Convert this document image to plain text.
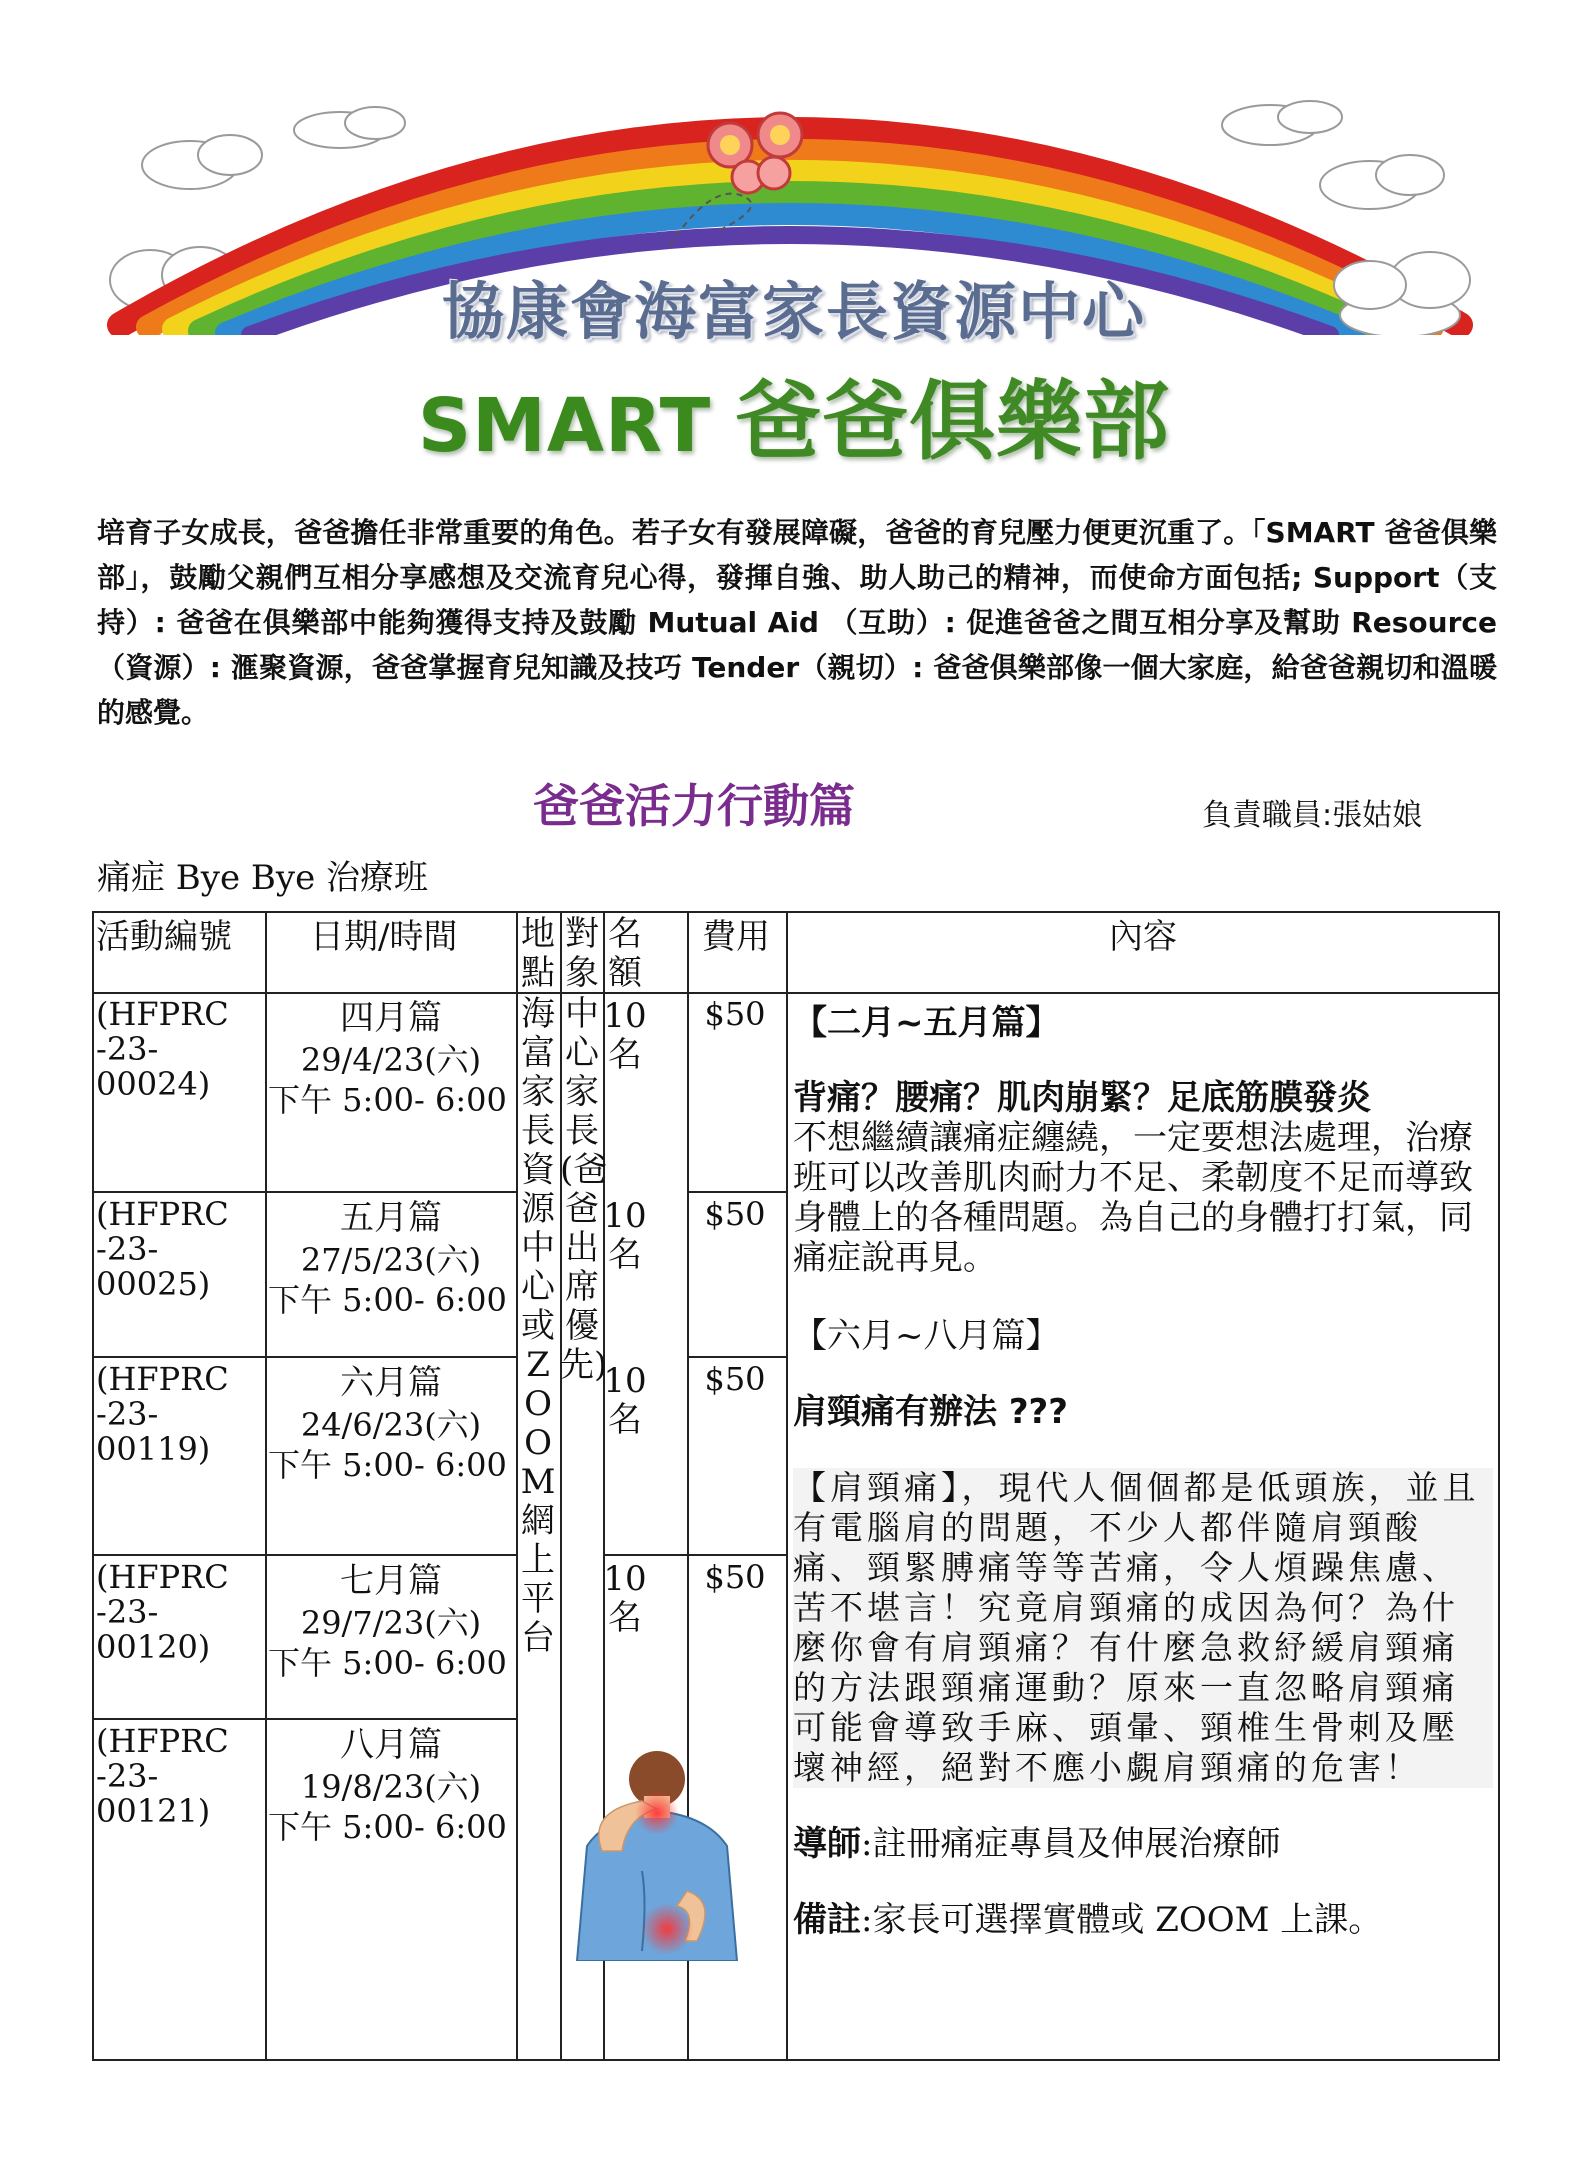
協康會海富家長資源中心
SMART 爸爸俱樂部
培育子女成長，爸爸擔任非常重要的角色。若子女有發展障礙，爸爸的育兒壓力便更沉重了。「SMART 爸爸俱樂部」，鼓勵父親們互相分享感想及交流育兒心得，發揮自強、助人助己的精神，而使命方面包括; Support（支持）: 爸爸在俱樂部中能夠獲得支持及鼓勵 Mutual Aid （互助）: 促進爸爸之間互相分享及幫助 Resource （資源）: 滙聚資源，爸爸掌握育兒知識及技巧 Tender（親切）: 爸爸俱樂部像一個大家庭，給爸爸親切和溫暖的感覺。
爸爸活力行動篇	負責職員:張姑娘
痛症 Bye Bye 治療班
活動編號 日期/時間 地點
對象
名額
費用	內容
(HFPRC
-23-00024)
四月篇
29/4/23(六)
下午 5:00- 6:00
10名
$50
(HFPRC
-23-00025)
五月篇
27/5/23(六)
下午 5:00- 6:00
10名
$50
(HFPRC
-23-00119)
六月篇
24/6/23(六)
下午 5:00- 6:00
10名
$50
(HFPRC
-23-00120)
七月篇
29/7/23(六)
下午 5:00- 6:00
10名
$50
(HFPRC
-23-00121)
八月篇
19/8/23(六)
下午 5:00- 6:00
海富家長資源中心或ZOOM網上平台
中心家長(爸爸出席優先)
【二月~五月篇】
背痛？腰痛？肌肉崩緊？足底筋膜發炎
不想繼續讓痛症纏繞，一定要想法處理，治療班可以改善肌肉耐力不足、柔韌度不足而導致身體上的各種問題。為自己的身體打打氣，同痛症說再見。
【六月~八月篇】
肩頸痛有辦法 ???
【肩頸痛】，現代人個個都是低頭族，並且有電腦肩的問題，不少人都伴隨肩頸酸痛、頸緊膊痛等等苦痛，令人煩躁焦慮、苦不堪言！究竟肩頸痛的成因為何？為什麼你會有肩頸痛？有什麼急救紓緩肩頸痛的方法跟頸痛運動？原來一直忽略肩頸痛可能會導致手麻、頭暈、頸椎生骨刺及壓壞神經，絕對不應小覷肩頸痛的危害！
導師:註冊痛症專員及伸展治療師
備註:家長可選擇實體或 ZOOM 上課。
